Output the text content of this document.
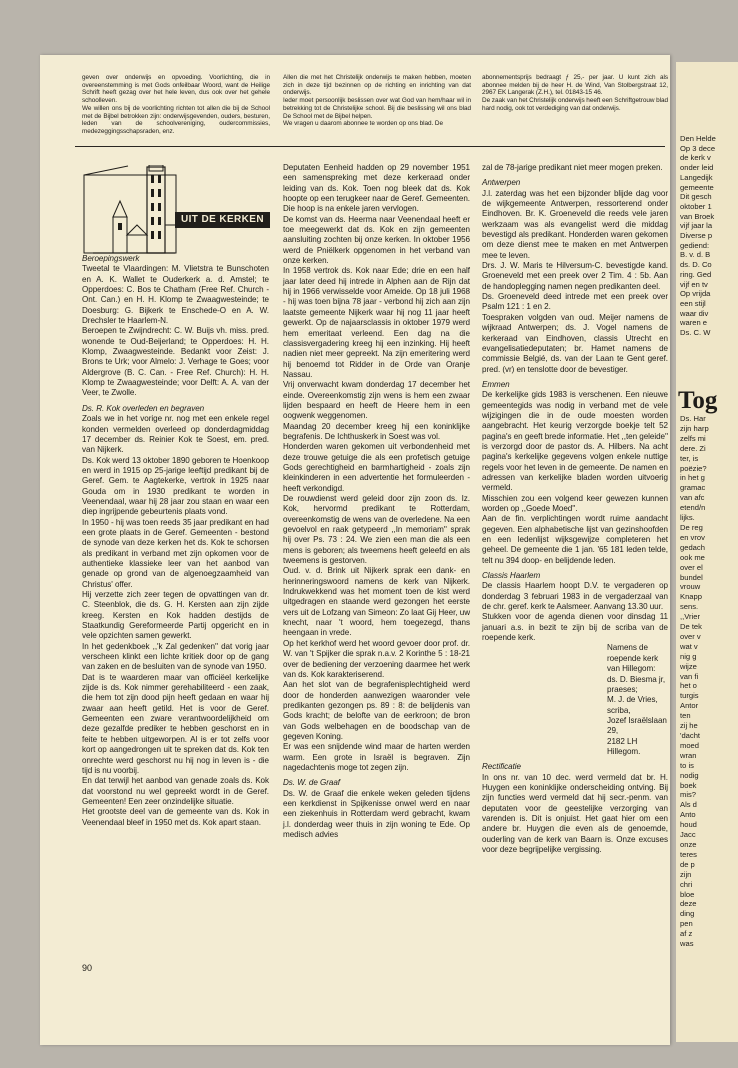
Den Helde
Op 3 dece
de kerk v
onder leid
Langedijk
gemeente
Dit gesch
oktober 1
van Broek
vijf jaar la
Diverse p
gediend:
B. v. d. B
ds. D. Co
ring. Ged
vijf en tv
Op vrijda
een stijl
waar div
waren e
Ds. C. W
Tog
Ds. Har
zijn harp
zelfs mi
dere. Zi
ter, is
poëzie?
in het g
gramac
van afc
etend/n
lijks.
De reg
en vrov
gedach
ook me
over el
bundel
vrouw
Knapp
sens.
,,Vrier
De tek
over v
wat v
nig g
wijze
van fi
het o
turgis
Antor
ten
zij he
'dacht
moed
wran
to is
nodig
boek
mis?
Als d
Anto
houd
Jacc
onze
teres
de p
zijn
chri
bloe
deze
ding
pen
af z
was

geven over onderwijs en opvoeding. Voorlichting, die in overeenstemming is met Gods onfeilbaar Woord, want de Heilige Schrift heeft gezag over het hele leven, dus ook over het gehele schoolleven.

We willen ons bij de voorlichting richten tot allen die bij de School met de Bijbel betrokken zijn: onderwijsgevenden, ouders, besturen, leden van de schoolvereniging, oudercommissies, medezeggingsschapsraden, enz.

Allen die met het Christelijk onderwijs te maken hebben, moeten zich in deze tijd bezinnen op de richting en inrichting van dat onderwijs.

Ieder moet persoonlijk beslissen over wat God van hem/haar wil in betrekking tot de Christelijke school. Bij die beslissing wil ons blad De School met de Bijbel helpen.

We vragen u daarom abonnee te worden op ons blad. De

abonnementsprijs bedraagt ƒ 25,- per jaar. U kunt zich als abonnee melden bij de heer H. de Wind, Van Stolbergstraat 12, 2967 EK Langerak (Z.H.), tel. 01843-15 46.

De zaak van het Christelijk onderwijs heeft een Schriftgetrouw blad hard nodig, ook tot verdediging van dat onderwijs.

UIT DE KERKEN

Beroepingswerk

Tweetal te Vlaardingen: M. Vlietstra te Bunschoten en A. K. Wallet te Ouderkerk a. d. Amstel; te Opperdoes: C. Bos te Chatham (Free Ref. Church - Ont. Can.) en H. H. Klomp te Zwaagwesteinde; te Doesburg: G. Bijkerk te Enschede-O en A. W. Drechsler te Haarlem-N.

Beroepen te Zwijndrecht: C. W. Buijs vh. miss. pred. wonende te Oud-Beijerland; te Opperdoes: H. H. Klomp, Zwaagwesteinde. Bedankt voor Zeist: J. Brons te Urk; voor Almelo: J. Verhage te Goes; voor Aldergrove (B. C. Can. - Free Ref. Church): H. H. Klomp te Zwaagwesteinde; voor Delft: A. A. van der Veer, te Zwolle.

Ds. R. Kok overleden en begraven

Zoals we in het vorige nr. nog met een enkele regel konden vermelden overleed op donderdagmiddag 17 december ds. Reinier Kok te Soest, em. pred. van Nijkerk.

Ds. Kok werd 13 oktober 1890 geboren te Hoenkoop en werd in 1915 op 25-jarige leeftijd predikant bij de Geref. Gem. te Aagtekerke, vertrok in 1925 naar Gouda om in 1930 predikant te worden in Veenendaal, waar hij 28 jaar zou staan en waar een diep ingrijpende gebeurtenis plaats vond.

In 1950 - hij was toen reeds 35 jaar predikant en had een grote plaats in de Geref. Gemeenten - bestond de synode van deze kerken het ds. Kok te schorsen als predikant in verband met zijn opkomen voor de authentieke klassieke leer van het aanbod van genade op grond van de algenoegzaamheid van Christus' offer.

Hij verzette zich zeer tegen de opvattingen van dr. C. Steenblok, die ds. G. H. Kersten aan zijn zijde kreeg. Kersten en Kok hadden destijds de Staatkundig Gereformeerde Partij opgericht en in vele opzichten samen gewerkt.

In het gedenkboek ,,'k Zal gedenken'' dat vorig jaar verscheen klinkt een lichte kritiek door op de gang van zaken en de besluiten van de synode van 1950.

Dat is te waarderen maar van officiëel kerkelijke zijde is ds. Kok nimmer gerehabiliteerd - een zaak, die hem tot zijn dood pijn heeft gedaan en waar hij zwaar aan heeft getild. Het is voor de Geref. Gemeenten een zware verantwoordelijkheid om deze gezalfde prediker te hebben geschorst en in feite te hebben uitgeworpen. Al is er tot zelfs voor kort op aangedrongen uit te spreken dat ds. Kok ten onrechte werd geschorst nu hij nog in leven is - die tijd is nu voorbij.

En dat terwijl het aanbod van genade zoals ds. Kok dat voorstond nu wel gepreekt wordt in de Geref. Gemeenten! Een zeer onzindelijke situatie.

Het grootste deel van de gemeente van ds. Kok in Veenendaal bleef in 1950 met ds. Kok apart staan.

Deputaten Eenheid hadden op 29 november 1951 een samenspreking met deze kerkeraad onder leiding van ds. Kok. Toen nog bleek dat ds. Kok hoopte op een terugkeer naar de Geref. Gemeenten. Die hoop is na enkele jaren vervlogen.

De komst van ds. Heerma naar Veenendaal heeft er toe meegewerkt dat ds. Kok en zijn gemeenten aansluiting zochten bij onze kerken. In oktober 1956 werd de Pniëlkerk opgenomen in het verband van onze kerken.

In 1958 vertrok ds. Kok naar Ede; drie en een half jaar later deed hij intrede in Alphen aan de Rijn dat hij in 1966 verwisselde voor Ameide. Op 18 juli 1968 - hij was toen bijna 78 jaar - verbond hij zich aan zijn laatste gemeente Nijkerk waar hij nog 11 jaar heeft gewerkt. Op de najaarsclassis in oktober 1979 werd hem emeritaat verleend. Een dag na die classisvergadering kreeg hij een inzinking. Hij heeft nadien niet meer gepreekt. Na zijn emeritering werd hij benoemd tot Ridder in de Orde van Oranje Nassau.

Vrij onverwacht kwam donderdag 17 december het einde. Overeenkomstig zijn wens is hem een zwaar lijden bespaard en heeft de Heere hem in een oogwenk weggenomen.

Maandag 20 december kreeg hij een koninklijke begrafenis. De Ichthuskerk in Soest was vol.

Honderden waren gekomen uit verbondenheid met deze trouwe getuige die als een profetisch getuige Gods gerechtigheid en barmhartigheid - zoals zijn kleinkinderen in een advertentie het formuleerden - heeft verkondigd.

De rouwdienst werd geleid door zijn zoon ds. Iz. Kok, hervormd predikant te Rotterdam, overeenkomstig de wens van de overledene. Na een gevoelvol en raak getypeerd ,,In memoriam'' sprak hij over Ps. 73 : 24. We zien een man die als een mens is geboren; als tweemens heeft geleefd en als tweemens is gestorven.

Oud. v. d. Brink uit Nijkerk sprak een dank- en herinneringswoord namens de kerk van Nijkerk. Indrukwekkend was het moment toen de kist werd uitgedragen en staande werd gezongen het eerste vers uit de Lofzang van Simeon: Zo laat Gij Heer, uw knecht, naar 't woord, hem toegezegd, thans heengaan in vrede.

Op het kerkhof werd het woord gevoer door prof. dr. W. van 't Spijker die sprak n.a.v. 2 Korinthe 5 : 18-21 over de bediening der verzoening daarmee het werk van ds. Kok karakteriserend.

Aan het slot van de begrafenisplechtigheid werd door de honderden aanwezigen waaronder vele predikanten gezongen ps. 89 : 8: de belijdenis van Gods kracht; de belofte van de eerkroon; de bron van Gods welbehagen en de boodschap van de gegeven Koning.

Er was een snijdende wind maar de harten werden warm. Een grote in Israël is begraven. Zijn nagedachtenis moge tot zegen zijn.

Ds. W. de Graaf

Ds. W. de Graaf die enkele weken geleden tijdens een kerkdienst in Spijkenisse onwel werd en naar een ziekenhuis in Rotterdam werd gebracht, kwam j.l. donderdag weer thuis in zijn woning te Ede. Op medisch advies

zal de 78-jarige predikant niet meer mogen preken.

Antwerpen

J.l. zaterdag was het een bijzonder blijde dag voor de wijkgemeente Antwerpen, ressorterend onder Eindhoven. Br. K. Groeneveld die reeds vele jaren werkzaam was als evangelist werd die middag bevestigd als predikant. Honderden waren gekomen om deze dienst mee te maken en met Antwerpen mee te leven.

Drs. J. W. Maris te Hilversum-C. bevestigde kand. Groeneveld met een preek over 2 Tim. 4 : 5b. Aan de handoplegging namen negen predikanten deel.

Ds. Groeneveld deed intrede met een preek over Psalm 121 : 1 en 2.

Toespraken volgden van oud. Meijer namens de wijkraad Antwerpen; ds. J. Vogel namens de kerkeraad van Eindhoven, classis Utrecht en evangelisatiedeputaten; br. Hamet namens de commissie Belgié, ds. van der Laan te Gent geref. pred. (vr) en tenslotte door de bevestiger.

Emmen

De kerkelijke gids 1983 is verschenen. Een nieuwe gemeentegids was nodig in verband met de vele wijzigingen die in de oude moesten worden aangebracht. Het keurig verzorgde boekje telt 52 pagina's en geeft brede informatie. Het ,,ten geleide'' is verzorgd door de pastor ds. A. Hilbers. Na acht pagina's kerkelijke gegevens volgen enkele nuttige regels voor het leven in de gemeente. De namen en adressen van kerkelijke bladen worden uitvoerig vermeld.

Misschien zou een volgend keer gewezen kunnen worden op ,,Goede Moed''.

Aan de fin. verplichtingen wordt ruime aandacht gegeven. Een alphabetische lijst van gezinshoofden en een ledenlijst wijksgewijze completeren het geheel. De gemeente die 1 jan. '65 181 leden telde, telt nu 394 doop- en belijdende leden.

Classis Haarlem

De classis Haarlem hoopt D.V. te vergaderen op donderdag 3 februari 1983 in de vergaderzaal van de chr. geref. kerk te Aalsmeer. Aanvang 13.30 uur.

Stukken voor de agenda dienen voor dinsdag 11 januari a.s. in bezit te zijn bij de scriba van de roepende kerk.

Namens de roepende kerk
van Hillegom:
ds. D. Biesma jr, praeses;
M. J. de Vries, scriba,
Jozef Israëlslaan 29,
2182 LH Hillegom.

Rectificatie

In ons nr. van 10 dec. werd vermeld dat br. H. Huygen een koninklijke onderscheiding ontving. Bij zijn functies werd vermeld dat hij secr.-penm. van deputaten voor de geestelijke verzorging van varenden is. Dit is onjuist. Het gaat hier om een andere br. Huygen die even als de genoemde, ouderling van de kerk van Baarn is. Onze excuses voor deze begrijpelijke vergissing.

90
